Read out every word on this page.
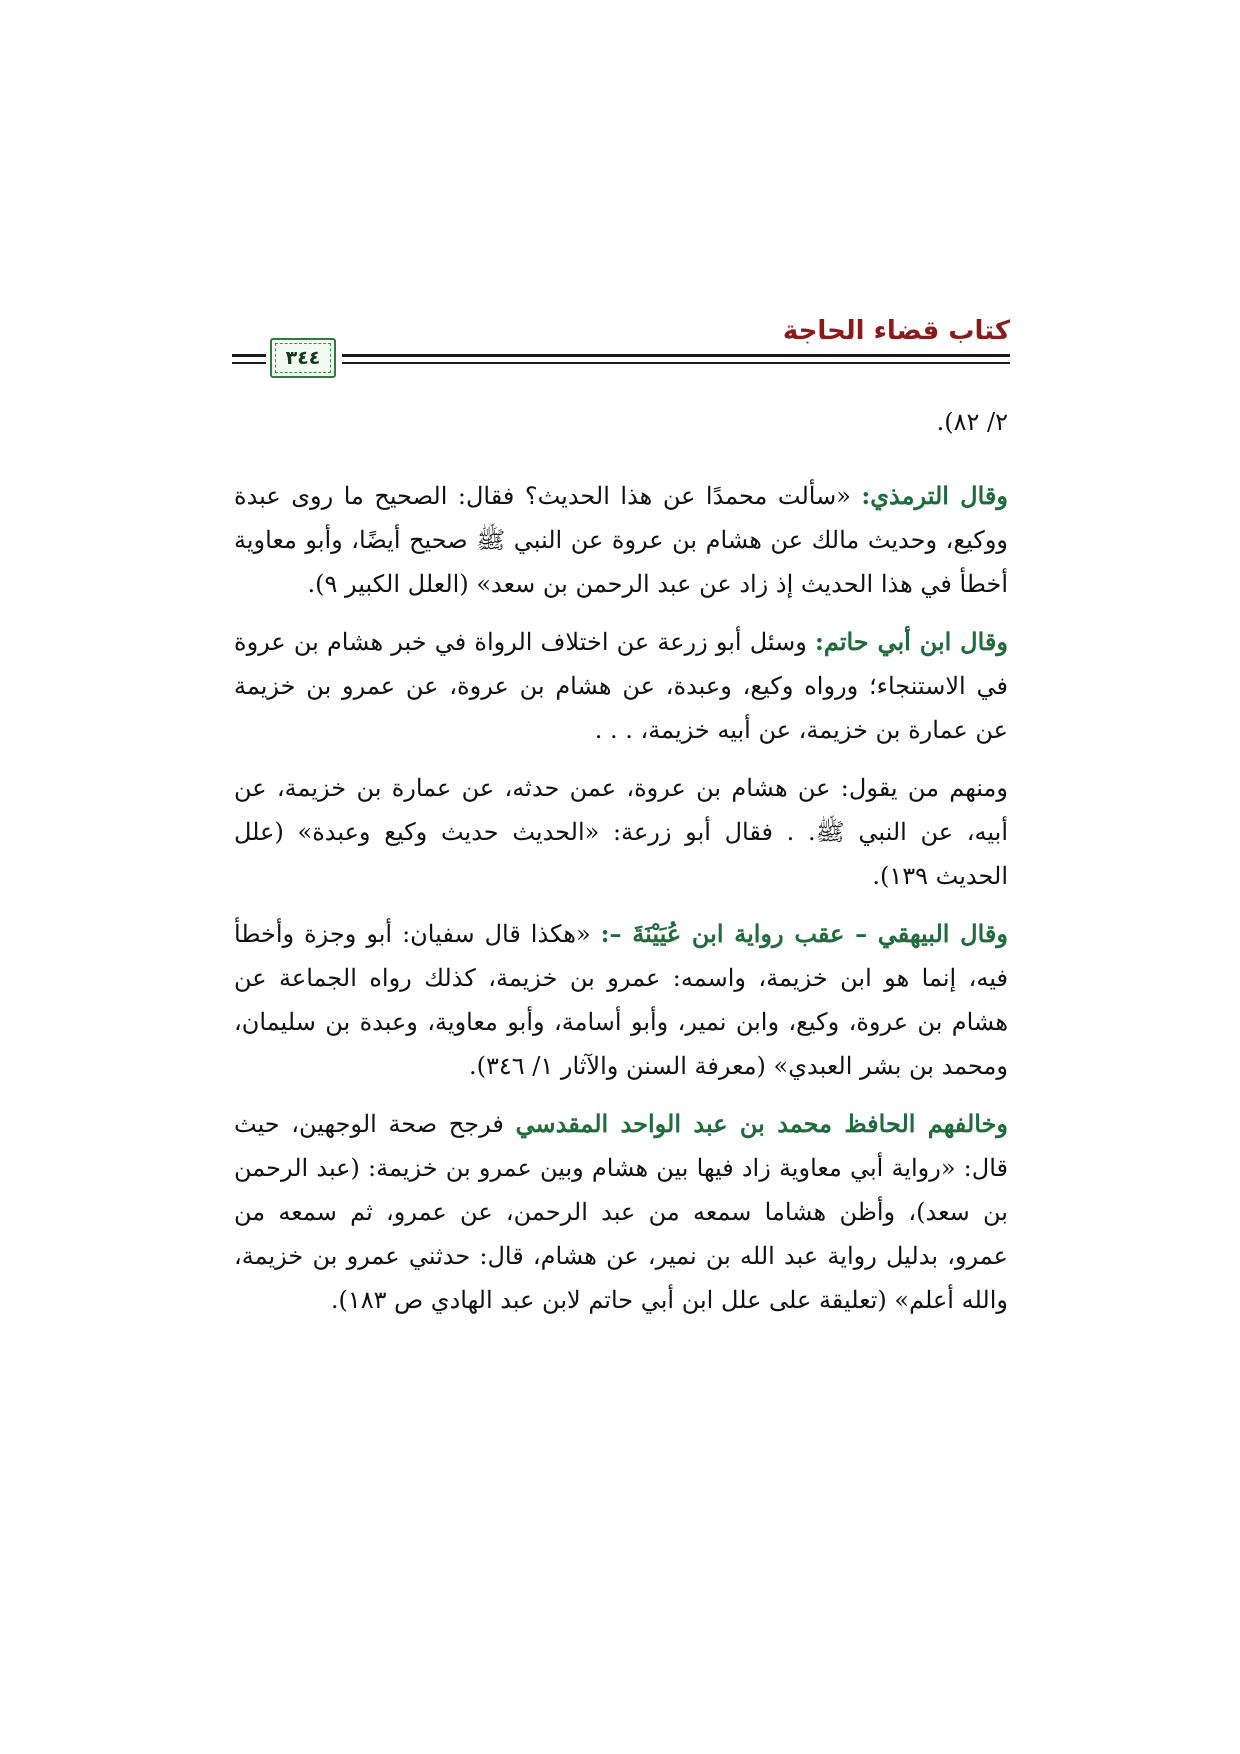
كتاب قضاء الحاجة
٣٤٤

٢/ ٨٢).

وقال الترمذي: «سألت محمدًا عن هذا الحديث؟ فقال: الصحيح ما روى عبدة ووكيع، وحديث مالك عن هشام بن عروة عن النبي ﷺ صحيح أيضًا، وأبو معاوية أخطأ في هذا الحديث إذ زاد عن عبد الرحمن بن سعد» (العلل الكبير ٩).

وقال ابن أبي حاتم: وسئل أبو زرعة عن اختلاف الرواة في خبر هشام بن عروة في الاستنجاء؛ ورواه وكيع، وعبدة، عن هشام بن عروة، عن عمرو بن خزيمة عن عمارة بن خزيمة، عن أبيه خزيمة، . . .

ومنهم من يقول: عن هشام بن عروة، عمن حدثه، عن عمارة بن خزيمة، عن أبيه، عن النبي ﷺ. . فقال أبو زرعة: «الحديث حديث وكيع وعبدة» (علل الحديث ١٣٩).

وقال البيهقي – عقب رواية ابن عُيَيْنَةَ –: «هكذا قال سفيان: أبو وجزة وأخطأ فيه، إنما هو ابن خزيمة، واسمه: عمرو بن خزيمة، كذلك رواه الجماعة عن هشام بن عروة، وكيع، وابن نمير، وأبو أسامة، وأبو معاوية، وعبدة بن سليمان، ومحمد بن بشر العبدي» (معرفة السنن والآثار ١/ ٣٤٦).

وخالفهم الحافظ محمد بن عبد الواحد المقدسي فرجح صحة الوجهين، حيث قال: «رواية أبي معاوية زاد فيها بين هشام وبين عمرو بن خزيمة: (عبد الرحمن بن سعد)، وأظن هشاما سمعه من عبد الرحمن، عن عمرو، ثم سمعه من عمرو، بدليل رواية عبد الله بن نمير، عن هشام، قال: حدثني عمرو بن خزيمة، والله أعلم» (تعليقة على علل ابن أبي حاتم لابن عبد الهادي ص ١٨٣).
